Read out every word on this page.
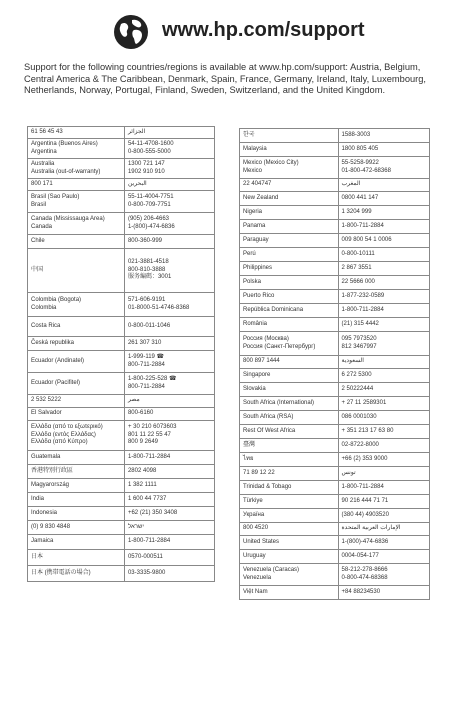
www.hp.com/support

Support for the following countries/regions is available at www.hp.com/support: Austria, Belgium, Central America & The Caribbean, Denmark, Spain, France, Germany, Ireland, Italy, Luxembourg, Netherlands, Norway, Portugal, Finland, Sweden, Switzerland, and the United Kingdom.

61 56 45 43	الجزائر

Argentina (Buenos Aires)
Argentina	54-11-4708-1600
0-800-555-5000

Australia
Australia (out-of-warranty)	1300 721 147
1902 910 910

800 171	البحرين

Brasil (Sao Paulo)
Brasil	55-11-4004-7751
0-800-709-7751

Canada (Mississauga Area)
Canada	(905) 206-4663
1-(800)-474-6836

Chile	800-360-999

中国	021-3881-4518
800-810-3888
服务編碼：3001

Colombia (Bogota)
Colombia	571-606-9191
01-8000-51-4746-8368

Costa Rica	0-800-011-1046

Česká republika	261 307 310

Ecuador (Andinatel)	1-999-119 ☎
800-711-2884

Ecuador (Pacifitel)	1-800-225-528 ☎
800-711-2884

2 532 5222	مصر

El Salvador	800-6160

Ελλάδα (από το εξωτερικό)
Ελλάδα (εντός Ελλάδας)
Ελλάδα (από Κύπρο)	+ 30 210 6073603
801 11 22 55 47
800 9 2649

Guatemala	1-800-711-2884

香港特別行政區	2802 4098

Magyarország	1 382 1111

India	1 600 44 7737

Indonesia	+62 (21) 350 3408

(0) 9 830 4848	ישראל

Jamaica	1-800-711-2884

日本	0570-000511

日本 (携帯電話の場合)	03-3335-9800
한국	1588-3003

Malaysia	1800 805 405

Mexico (Mexico City)
Mexico	55-5258-9922
01-800-472-68368

22 404747	المغرب

New Zealand	0800 441 147

Nigeria	1 3204 999

Panama	1-800-711-2884

Paraguay	009 800 54 1 0006

Perú	0-800-10111

Philippines	2 867 3551

Polska	22 5666 000

Puerto Rico	1-877-232-0589

República Dominicana	1-800-711-2884

România	(21) 315 4442

Россия (Москва)
Россия (Санкт-Петербург)	095 7973520
812 3467997

800 897 1444	السعودية

Singapore	6 272 5300

Slovakia	2 50222444

South Africa (International)	+ 27 11 2589301

South Africa (RSA)	086 0001030

Rest Of West Africa	+ 351 213 17 63 80

臺灣	02-8722-8000

ไทย	+66 (2) 353 9000

71 89 12 22	تونس

Trinidad & Tobago	1-800-711-2884

Türkiye	90 216 444 71 71

Україна	(380 44) 4903520

800 4520	الإمارات العربية المتحدة

United States	1-(800)-474-6836

Uruguay	0004-054-177

Venezuela (Caracas)
Venezuela	58-212-278-8666
0-800-474-68368

Việt Nam	+84 88234530
